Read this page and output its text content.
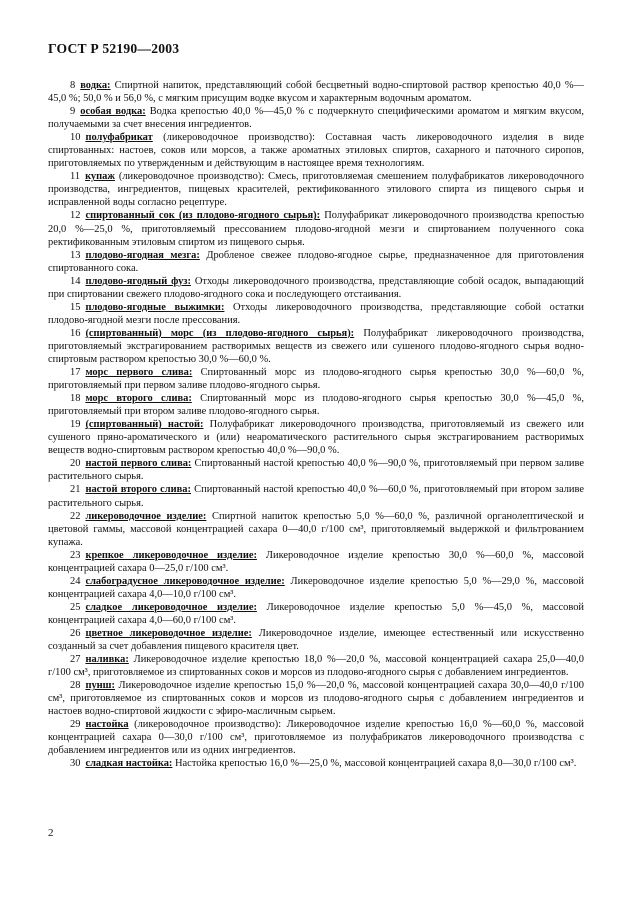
ГОСТ Р 52190—2003

8 водка: Спиртной напиток, представляющий собой бесцветный водно-спиртовой раствор крепостью 40,0 %—45,0 %; 50,0 % и 56,0 %, с мягким присущим водке вкусом и характерным водочным ароматом.

9 особая водка: Водка крепостью 40,0 %—45,0 % с подчеркнуто специфическими ароматом и мягким вкусом, получаемыми за счет внесения ингредиентов.

10 полуфабрикат (ликероводочное производство): Составная часть ликероводочного изделия в виде спиртованных: настоев, соков или морсов, а также ароматных этиловых спиртов, сахарного и паточного сиропов, приготовляемых по утвержденным и действующим в настоящее время технологиям.

11 купаж (ликероводочное производство): Смесь, приготовляемая смешением полуфабрикатов ликероводочного производства, ингредиентов, пищевых красителей, ректификованного этилового спирта из пищевого сырья и исправленной воды согласно рецептуре.

12 спиртованный сок (из плодово-ягодного сырья): Полуфабрикат ликероводочного производства крепостью 20,0 %—25,0 %, приготовляемый прессованием плодово-ягодной мезги и спиртованием полученного сока ректификованным этиловым спиртом из пищевого сырья.

13 плодово-ягодная мезга: Дробленое свежее плодово-ягодное сырье, предназначенное для приготовления спиртованного сока.

14 плодово-ягодный фуз: Отходы ликероводочного производства, представляющие собой осадок, выпадающий при спиртовании свежего плодово-ягодного сока и последующего отстаивания.

15 плодово-ягодные выжимки: Отходы ликероводочного производства, представляющие собой остатки плодово-ягодной мезги после прессования.

16 (спиртованный) морс (из плодово-ягодного сырья): Полуфабрикат ликероводочного производства, приготовляемый экстрагированием растворимых веществ из свежего или сушеного плодово-ягодного сырья водно-спиртовым раствором крепостью 30,0 %—60,0 %.

17 морс первого слива: Спиртованный морс из плодово-ягодного сырья крепостью 30,0 %—60,0 %, приготовляемый при первом заливе плодово-ягодного сырья.

18 морс второго слива: Спиртованный морс из плодово-ягодного сырья крепостью 30,0 %—45,0 %, приготовляемый при втором заливе плодово-ягодного сырья.

19 (спиртованный) настой: Полуфабрикат ликероводочного производства, приготовляемый из свежего или сушеного пряно-ароматического и (или) неароматического растительного сырья экстрагированием растворимых веществ водно-спиртовым раствором крепостью 40,0 %—90,0 %.

20 настой первого слива: Спиртованный настой крепостью 40,0 %—90,0 %, приготовляемый при первом заливе растительного сырья.

21 настой второго слива: Спиртованный настой крепостью 40,0 %—60,0 %, приготовляемый при втором заливе растительного сырья.

22 ликероводочное изделие: Спиртной напиток крепостью 5,0 %—60,0 %, различной органолептической и цветовой гаммы, массовой концентрацией сахара 0—40,0 г/100 см³, приготовляемый выдержкой и фильтрованием купажа.

23 крепкое ликероводочное изделие: Ликероводочное изделие крепостью 30,0 %—60,0 %, массовой концентрацией сахара 0—25,0 г/100 см³.

24 слабоградусное ликероводочное изделие: Ликероводочное изделие крепостью 5,0 %—29,0 %, массовой концентрацией сахара 4,0—10,0 г/100 см³.

25 сладкое ликероводочное изделие: Ликероводочное изделие крепостью 5,0 %—45,0 %, массовой концентрацией сахара 4,0—60,0 г/100 см³.

26 цветное ликероводочное изделие: Ликероводочное изделие, имеющее естественный или искусственно созданный за счет добавления пищевого красителя цвет.

27 наливка: Ликероводочное изделие крепостью 18,0 %—20,0 %, массовой концентрацией сахара 25,0—40,0 г/100 см³, приготовляемое из спиртованных соков и морсов из плодово-ягодного сырья с добавлением ингредиентов.

28 пунш: Ликероводочное изделие крепостью 15,0 %—20,0 %, массовой концентрацией сахара 30,0—40,0 г/100 см³, приготовляемое из спиртованных соков и морсов из плодово-ягодного сырья с добавлением ингредиентов и настоев водно-спиртовой жидкости с эфиро-масличным сырьем.

29 настойка (ликероводочное производство): Ликероводочное изделие крепостью 16,0 %—60,0 %, массовой концентрацией сахара 0—30,0 г/100 см³, приготовляемое из полуфабрикатов ликероводочного производства с добавлением ингредиентов или из одних ингредиентов.

30 сладкая настойка: Настойка крепостью 16,0 %—25,0 %, массовой концентрацией сахара 8,0—30,0 г/100 см³.

2
